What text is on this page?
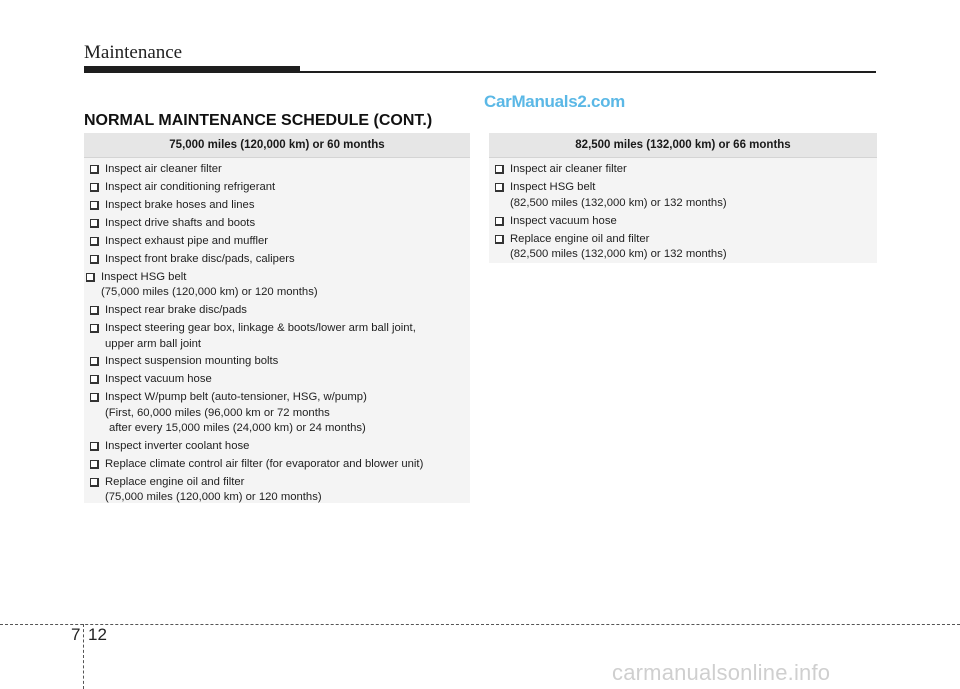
Maintenance
CarManuals2.com
NORMAL MAINTENANCE SCHEDULE (CONT.)
75,000 miles (120,000 km) or 60 months
Inspect air cleaner filter
Inspect air conditioning refrigerant
Inspect brake hoses and lines
Inspect drive shafts and boots
Inspect exhaust pipe and muffler
Inspect front brake disc/pads, calipers
Inspect HSG belt
(75,000 miles (120,000 km) or 120 months)
Inspect rear brake disc/pads
Inspect steering gear box, linkage & boots/lower arm ball joint,
upper arm ball joint
Inspect suspension mounting bolts
Inspect vacuum hose
Inspect W/pump belt (auto-tensioner, HSG, w/pump)
(First, 60,000 miles (96,000 km or 72 months
after every 15,000 miles (24,000 km) or 24 months)
Inspect inverter coolant hose
Replace climate control air filter (for evaporator and blower unit)
Replace engine oil and filter
(75,000 miles (120,000 km) or 120 months)
82,500 miles (132,000 km) or 66 months
Inspect air cleaner filter
Inspect HSG belt
(82,500 miles (132,000 km) or 132 months)
Inspect vacuum hose
Replace engine oil and filter
(82,500 miles (132,000 km) or 132 months)
7 12
carmanualsonline.info
